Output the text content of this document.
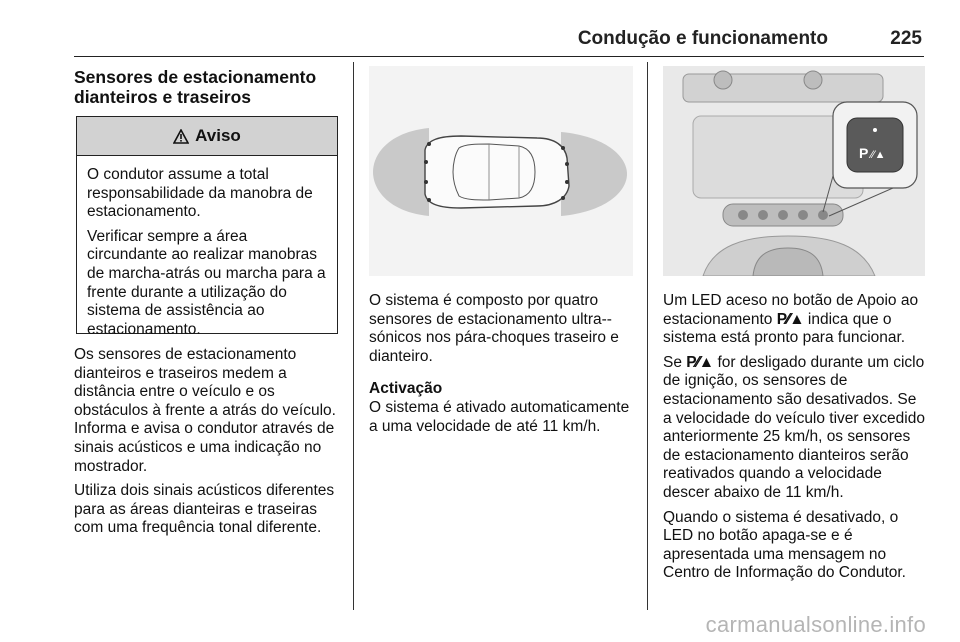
Condução e funcionamento	225
Sensores de estacionamento
dianteiros e traseiros
Aviso

O condutor assume a total responsabilidade da manobra de estacionamento.

Verificar sempre a área circundante ao realizar manobras de marcha-atrás ou marcha para a frente durante a utilização do sistema de assistência ao estacionamento.

Os sensores de estacionamento dianteiros e traseiros medem a distância entre o veículo e os obstáculos à frente a atrás do veículo. Informa e avisa o condutor através de sinais acústicos e uma indicação no mostrador.

Utiliza dois sinais acústicos diferentes para as áreas dianteiras e traseiras com uma frequência tonal diferente.

O sistema é composto por quatro sensores de estacionamento ultra--sónicos nos pára-choques traseiro e dianteiro.

Activação

O sistema é ativado automaticamente a uma velocidade de até 11 km/h.

P ⁄⁄▲

Um LED aceso no botão de Apoio ao estacionamento P⁄⁄▲ indica que o sistema está pronto para funcionar.

Se P⁄⁄▲ for desligado durante um ciclo de ignição, os sensores de estacionamento são desativados. Se a velocidade do veículo tiver excedido anteriormente 25 km/h, os sensores de estacionamento dianteiros serão reativados quando a velocidade descer abaixo de 11 km/h.

Quando o sistema é desativado, o LED no botão apaga-se e é apresentada uma mensagem no Centro de Informação do Condutor.

carmanualsonline.info
